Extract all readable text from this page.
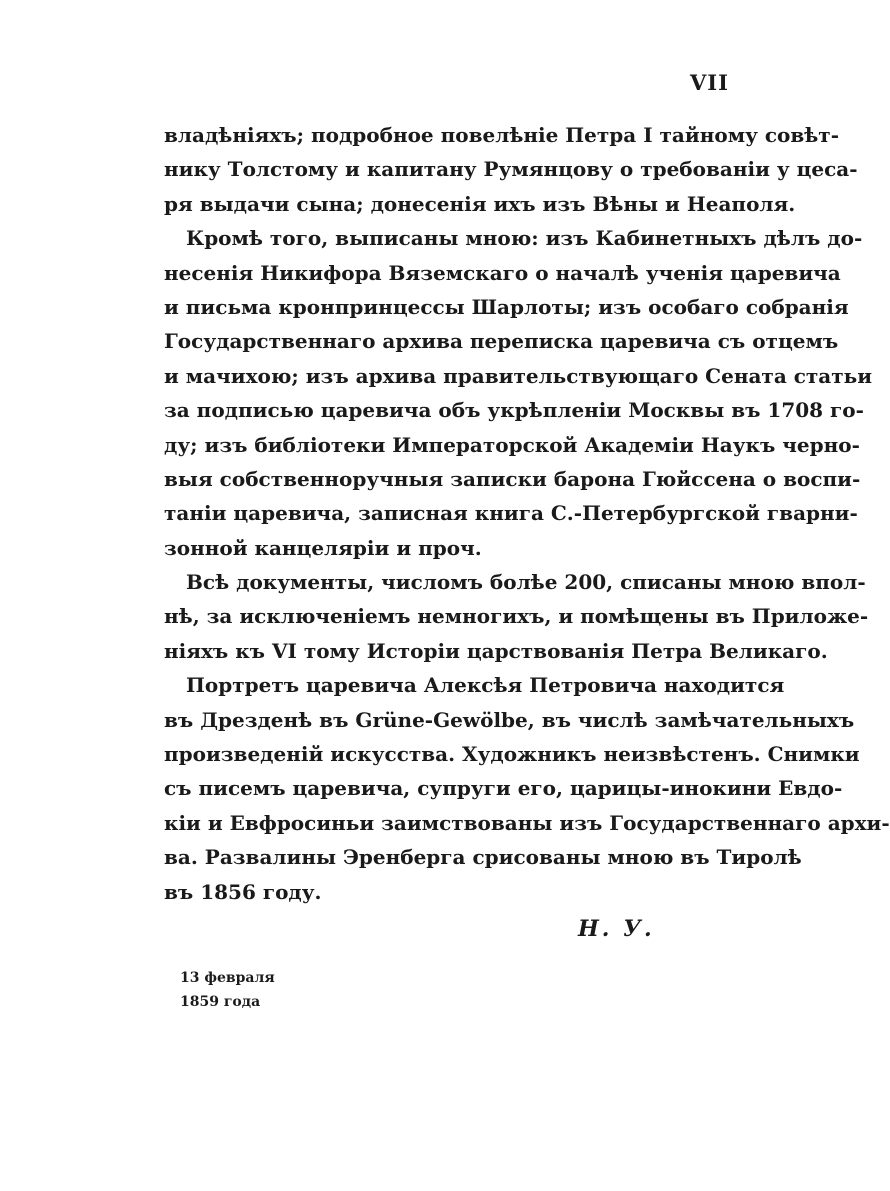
VII
владѣніяхъ; подробное повелѣніе Петра I тайному совѣт-
нику Толстому и капитану Румянцову о требованіи у цеса-
ря выдачи сына; донесенія ихъ изъ Вѣны и Неаполя.
Кромѣ того, выписаны мною: изъ Кабинетныхъ дѣлъ до-
несенія Никифора Вяземскаго о началѣ ученія царевича
и письма кронпринцессы Шарлоты; изъ особаго собранія
Государственнаго архива переписка царевича съ отцемъ
и мачихою; изъ архива правительствующаго Сената статьи
за подписью царевича объ укрѣпленіи Москвы въ 1708 го-
ду; изъ библіотеки Императорской Академіи Наукъ черно-
выя собственноручныя записки барона Гюйссена о воспи-
таніи царевича, записная книга С.-Петербургской гварни-
зонной канцеляріи и проч.
Всѣ документы, числомъ болѣе 200, списаны мною впол-
нѣ, за исключеніемъ немногихъ, и помѣщены въ Приложе-
ніяхъ къ VI тому Исторіи царствованія Петра Великаго.
Портретъ царевича Алексѣя Петровича находится
въ Дрезденѣ въ Grüne-Gewölbe, въ числѣ замѣчательныхъ
произведеній искусства. Художникъ неизвѣстенъ. Снимки
съ писемъ царевича, супруги его, царицы-инокини Евдо-
кіи и Евфросиньи заимствованы изъ Государственнаго архи-
ва. Развалины Эренберга срисованы мною въ Тиролѣ
въ 1856 году.
Н. У.
13 февраля
1859 года
